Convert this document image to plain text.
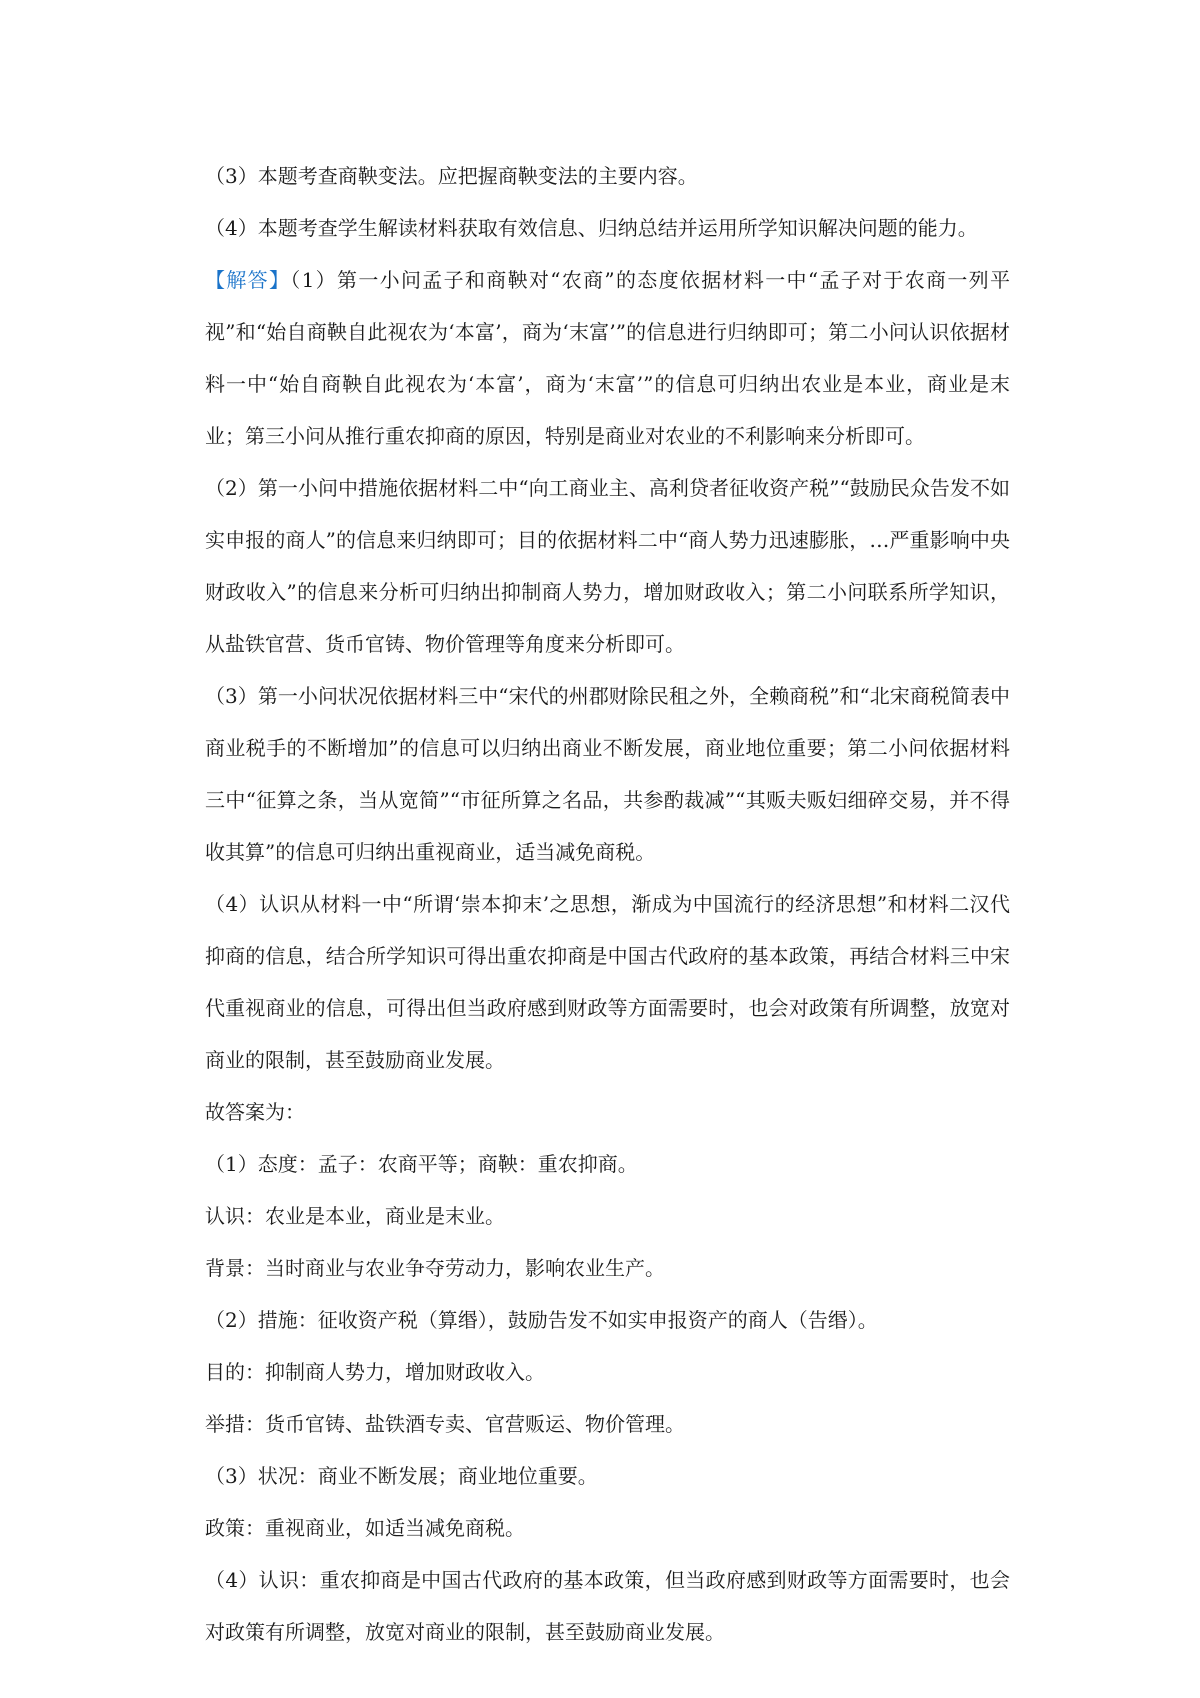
（3）本题考查商鞅变法。应把握商鞅变法的主要内容。

（4）本题考查学生解读材料获取有效信息、归纳总结并运用所学知识解决问题的能力。

【解答】（1）第一小问孟子和商鞅对“农商”的态度依据材料一中“孟子对于农商一列平视”和“始自商鞅自此视农为‘本富’，商为‘末富’”的信息进行归纳即可；第二小问认识依据材料一中“始自商鞅自此视农为‘本富’，商为‘末富’”的信息可归纳出农业是本业，商业是末业；第三小问从推行重农抑商的原因，特别是商业对农业的不利影响来分析即可。

（2）第一小问中措施依据材料二中“向工商业主、高利贷者征收资产税”“鼓励民众告发不如实申报的商人”的信息来归纳即可；目的依据材料二中“商人势力迅速膨胀，…严重影响中央财政收入”的信息来分析可归纳出抑制商人势力，增加财政收入；第二小问联系所学知识，从盐铁官营、货币官铸、物价管理等角度来分析即可。

（3）第一小问状况依据材料三中“宋代的州郡财除民租之外，全赖商税”和“北宋商税简表中商业税手的不断增加”的信息可以归纳出商业不断发展，商业地位重要；第二小问依据材料三中“征算之条，当从宽简”“市征所算之名品，共参酌裁减”“其贩夫贩妇细碎交易，并不得收其算”的信息可归纳出重视商业，适当减免商税。

（4）认识从材料一中“所谓‘崇本抑末’之思想，渐成为中国流行的经济思想”和材料二汉代抑商的信息，结合所学知识可得出重农抑商是中国古代政府的基本政策，再结合材料三中宋代重视商业的信息，可得出但当政府感到财政等方面需要时，也会对政策有所调整，放宽对商业的限制，甚至鼓励商业发展。

故答案为：

（1）态度：孟子：农商平等；商鞅：重农抑商。

认识：农业是本业，商业是末业。

背景：当时商业与农业争夺劳动力，影响农业生产。

（2）措施：征收资产税（算缗），鼓励告发不如实申报资产的商人（告缗）。

目的：抑制商人势力，增加财政收入。

举措：货币官铸、盐铁酒专卖、官营贩运、物价管理。

（3）状况：商业不断发展；商业地位重要。

政策：重视商业，如适当减免商税。

（4）认识：重农抑商是中国古代政府的基本政策，但当政府感到财政等方面需要时，也会对政策有所调整，放宽对商业的限制，甚至鼓励商业发展。
